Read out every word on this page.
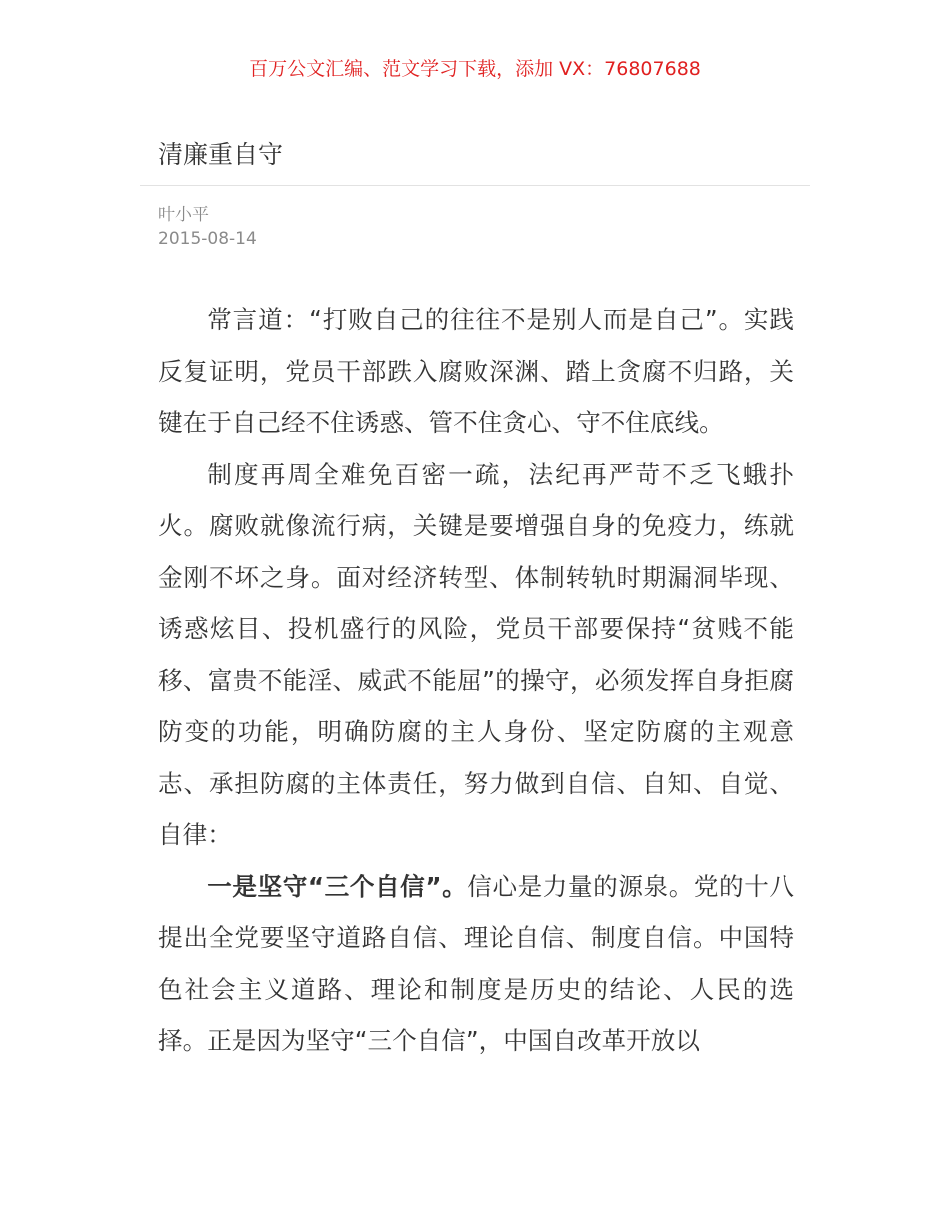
百万公文汇编、范文学习下载，添加 VX：76807688
清廉重自守
叶小平
2015-08-14

常言道：“打败自己的往往不是别人而是自己”。实践反复证明，党员干部跌入腐败深渊、踏上贪腐不归路，关键在于自己经不住诱惑、管不住贪心、守不住底线。

制度再周全难免百密一疏，法纪再严苛不乏飞蛾扑火。腐败就像流行病，关键是要增强自身的免疫力，练就金刚不坏之身。面对经济转型、体制转轨时期漏洞毕现、诱惑炫目、投机盛行的风险，党员干部要保持“贫贱不能移、富贵不能淫、威武不能屈”的操守，必须发挥自身拒腐防变的功能，明确防腐的主人身份、坚定防腐的主观意志、承担防腐的主体责任，努力做到自信、自知、自觉、自律：

一是坚守“三个自信”。信心是力量的源泉。党的十八提出全党要坚守道路自信、理论自信、制度自信。中国特色社会主义道路、理论和制度是历史的结论、人民的选择。正是因为坚守“三个自信”，中国自改革开放以
